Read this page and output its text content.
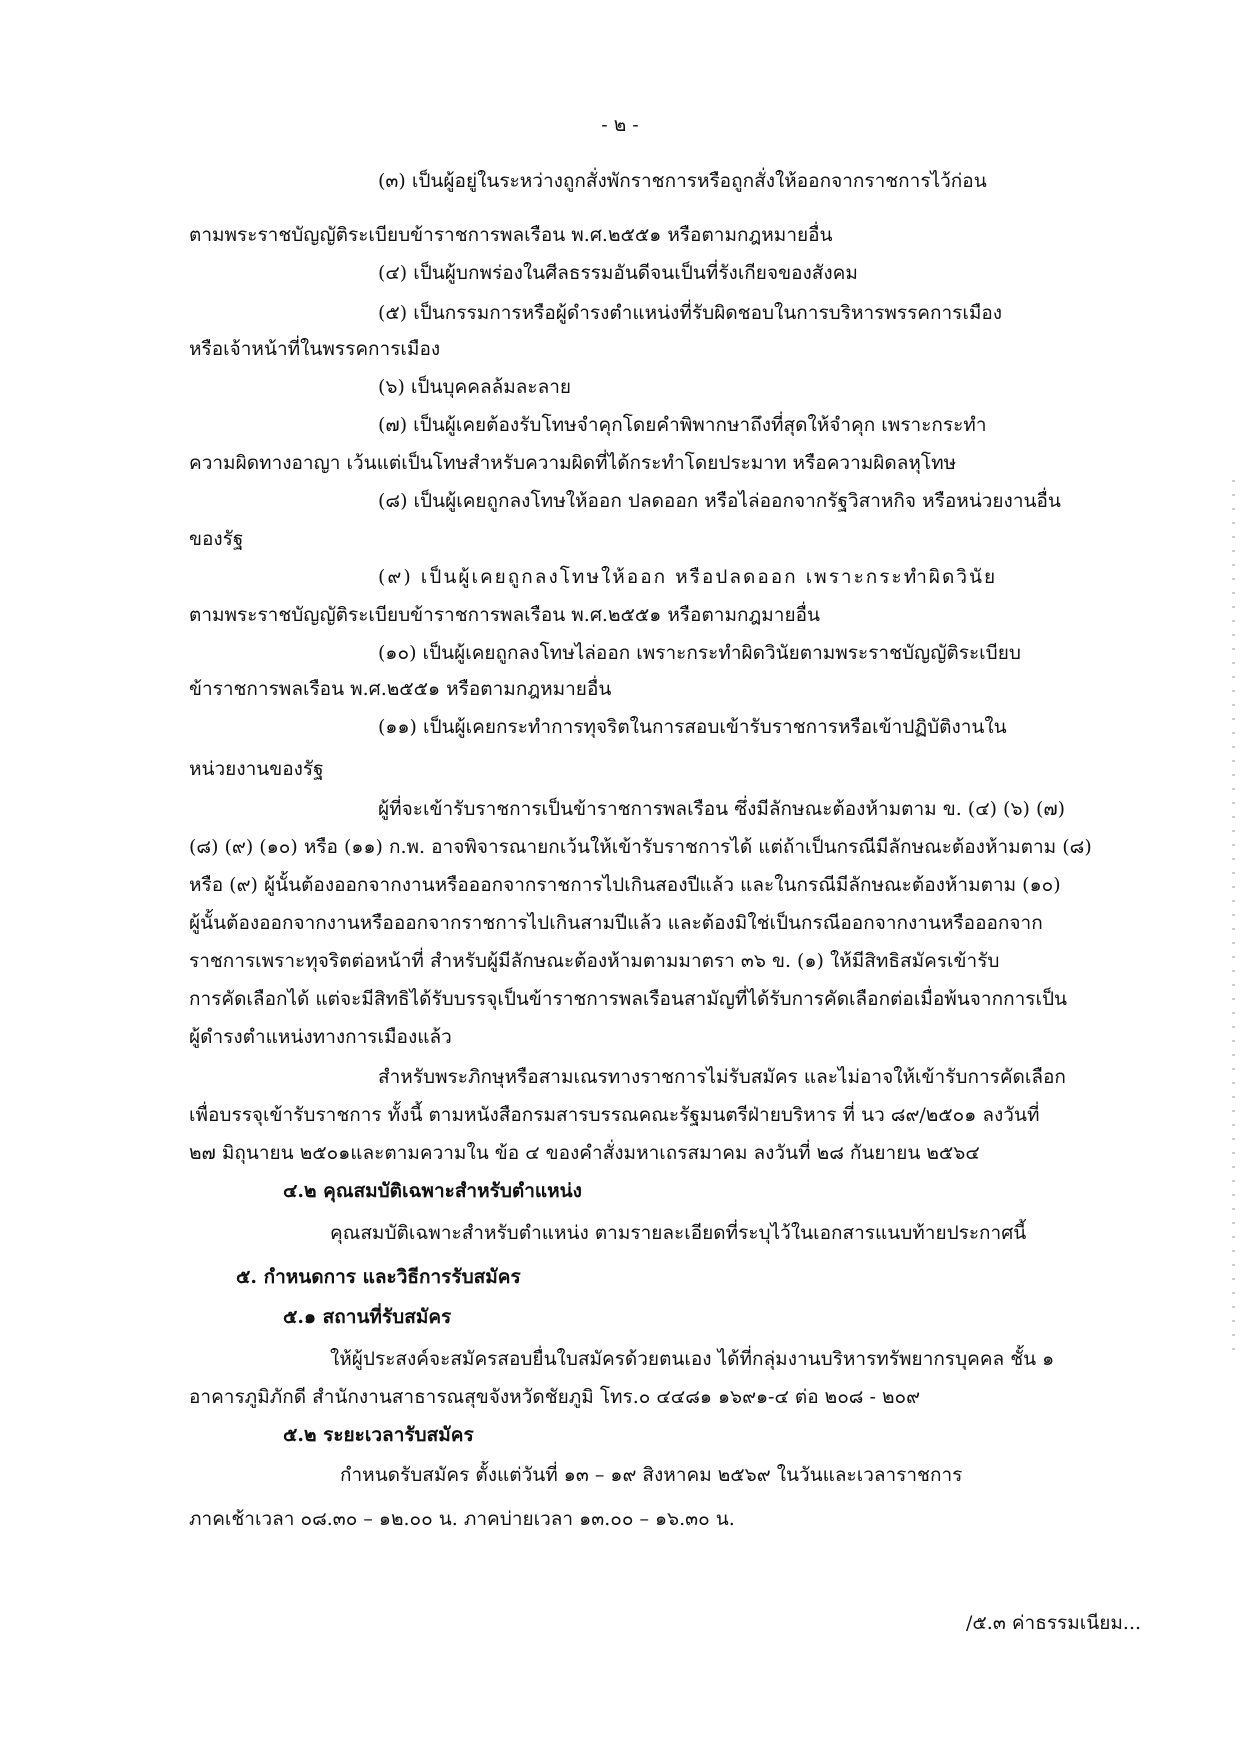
- ๒ -

(๓) เป็นผู้อยู่ในระหว่างถูกสั่งพักราชการหรือถูกสั่งให้ออกจากราชการไว้ก่อน

ตามพระราชบัญญัติระเบียบข้าราชการพลเรือน พ.ศ.๒๕๕๑ หรือตามกฎหมายอื่น

(๔) เป็นผู้บกพร่องในศีลธรรมอันดีจนเป็นที่รังเกียจของสังคม

(๕) เป็นกรรมการหรือผู้ดำรงตำแหน่งที่รับผิดชอบในการบริหารพรรคการเมือง

หรือเจ้าหน้าที่ในพรรคการเมือง

(๖) เป็นบุคคลล้มละลาย

(๗) เป็นผู้เคยต้องรับโทษจำคุกโดยคำพิพากษาถึงที่สุดให้จำคุก เพราะกระทำ

ความผิดทางอาญา เว้นแต่เป็นโทษสำหรับความผิดที่ได้กระทำโดยประมาท หรือความผิดลหุโทษ

(๘) เป็นผู้เคยถูกลงโทษให้ออก ปลดออก หรือไล่ออกจากรัฐวิสาหกิจ หรือหน่วยงานอื่น

ของรัฐ

(๙) เป็นผู้เคยถูกลงโทษให้ออก หรือปลดออก เพราะกระทำผิดวินัย

ตามพระราชบัญญัติระเบียบข้าราชการพลเรือน พ.ศ.๒๕๕๑ หรือตามกฎมายอื่น

(๑๐) เป็นผู้เคยถูกลงโทษไล่ออก เพราะกระทำผิดวินัยตามพระราชบัญญัติระเบียบ

ข้าราชการพลเรือน พ.ศ.๒๕๕๑ หรือตามกฎหมายอื่น

(๑๑) เป็นผู้เคยกระทำการทุจริตในการสอบเข้ารับราชการหรือเข้าปฏิบัติงานใน

หน่วยงานของรัฐ

ผู้ที่จะเข้ารับราชการเป็นข้าราชการพลเรือน ซึ่งมีลักษณะต้องห้ามตาม ข. (๔) (๖) (๗)

(๘) (๙) (๑๐) หรือ (๑๑) ก.พ. อาจพิจารณายกเว้นให้เข้ารับราชการได้ แต่ถ้าเป็นกรณีมีลักษณะต้องห้ามตาม (๘)

หรือ (๙) ผู้นั้นต้องออกจากงานหรือออกจากราชการไปเกินสองปีแล้ว และในกรณีมีลักษณะต้องห้ามตาม (๑๐)

ผู้นั้นต้องออกจากงานหรือออกจากราชการไปเกินสามปีแล้ว และต้องมิใช่เป็นกรณีออกจากงานหรือออกจาก

ราชการเพราะทุจริตต่อหน้าที่ สำหรับผู้มีลักษณะต้องห้ามตามมาตรา ๓๖ ข. (๑) ให้มีสิทธิสมัครเข้ารับ

การคัดเลือกได้ แต่จะมีสิทธิได้รับบรรจุเป็นข้าราชการพลเรือนสามัญที่ได้รับการคัดเลือกต่อเมื่อพ้นจากการเป็น

ผู้ดำรงตำแหน่งทางการเมืองแล้ว

สำหรับพระภิกษุหรือสามเณรทางราชการไม่รับสมัคร และไม่อาจให้เข้ารับการคัดเลือก

เพื่อบรรจุเข้ารับราชการ ทั้งนี้ ตามหนังสือกรมสารบรรณคณะรัฐมนตรีฝ่ายบริหาร ที่ นว ๘๙/๒๕๐๑ ลงวันที่

๒๗ มิถุนายน ๒๕๐๑และตามความใน ข้อ ๔ ของคำสั่งมหาเถรสมาคม ลงวันที่ ๒๘ กันยายน ๒๕๖๔

๔.๒ คุณสมบัติเฉพาะสำหรับตำแหน่ง

คุณสมบัติเฉพาะสำหรับตำแหน่ง ตามรายละเอียดที่ระบุไว้ในเอกสารแนบท้ายประกาศนี้

๕. กำหนดการ และวิธีการรับสมัคร

๕.๑ สถานที่รับสมัคร

ให้ผู้ประสงค์จะสมัครสอบยื่นใบสมัครด้วยตนเอง ได้ที่กลุ่มงานบริหารทรัพยากรบุคคล ชั้น ๑

อาคารภูมิภักดี สำนักงานสาธารณสุขจังหวัดชัยภูมิ โทร.๐ ๔๔๘๑ ๑๖๙๑-๔ ต่อ ๒๐๘ - ๒๐๙

๕.๒ ระยะเวลารับสมัคร

กำหนดรับสมัคร ตั้งแต่วันที่ ๑๓ – ๑๙ สิงหาคม ๒๕๖๙ ในวันและเวลาราชการ

ภาคเช้าเวลา ๐๘.๓๐ – ๑๒.๐๐ น. ภาคบ่ายเวลา ๑๓.๐๐ – ๑๖.๓๐ น.

/๕.๓ ค่าธรรมเนียม...
